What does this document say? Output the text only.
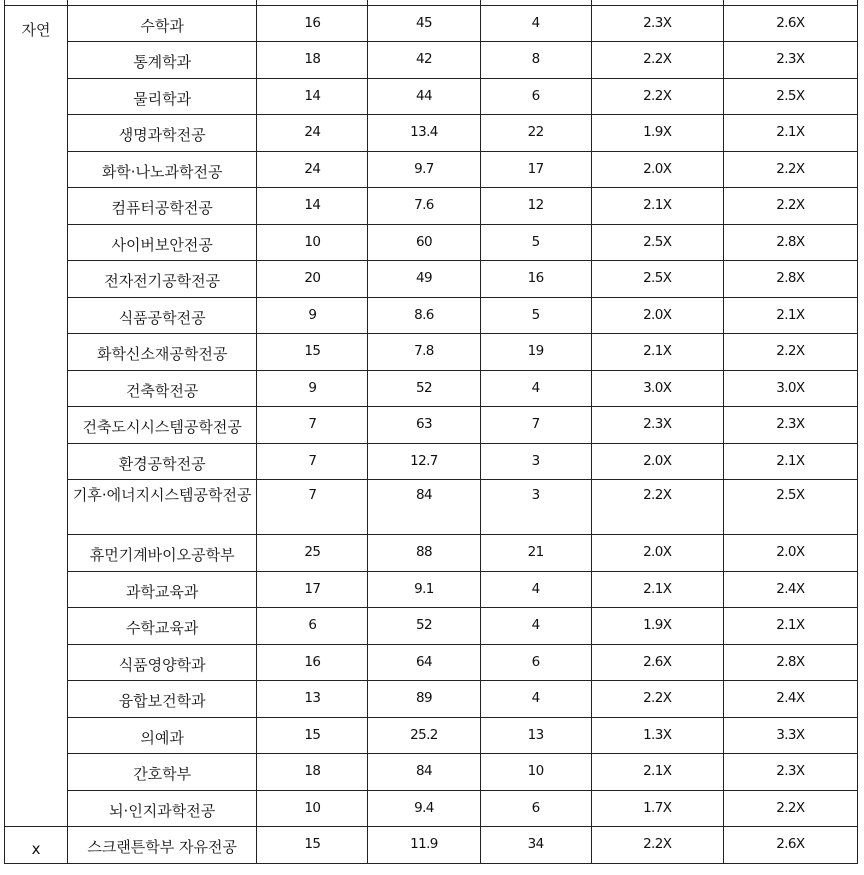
자연	수학과	16	45	4	2.3X	2.6X
	통계학과	18	42	8	2.2X	2.3X
	물리학과	14	44	6	2.2X	2.5X
	생명과학전공	24	13.4	22	1.9X	2.1X
	화학·나노과학전공	24	9.7	17	2.0X	2.2X
	컴퓨터공학전공	14	7.6	12	2.1X	2.2X
	사이버보안전공	10	60	5	2.5X	2.8X
	전자전기공학전공	20	49	16	2.5X	2.8X
	식품공학전공	9	8.6	5	2.0X	2.1X
	화학신소재공학전공	15	7.8	19	2.1X	2.2X
	건축학전공	9	52	4	3.0X	3.0X
	건축도시시스템공학전공	7	63	7	2.3X	2.3X
	환경공학전공	7	12.7	3	2.0X	2.1X
	기후·에너지시스템공학전공	7	84	3	2.2X	2.5X
	휴먼기계바이오공학부	25	88	21	2.0X	2.0X
	과학교육과	17	9.1	4	2.1X	2.4X
	수학교육과	6	52	4	1.9X	2.1X
	식품영양학과	16	64	6	2.6X	2.8X
	융합보건학과	13	89	4	2.2X	2.4X
	의예과	15	25.2	13	1.3X	3.3X
	간호학부	18	84	10	2.1X	2.3X
	뇌·인지과학전공	10	9.4	6	1.7X	2.2X
x	스크랜튼학부 자유전공	15	11.9	34	2.2X	2.6X
